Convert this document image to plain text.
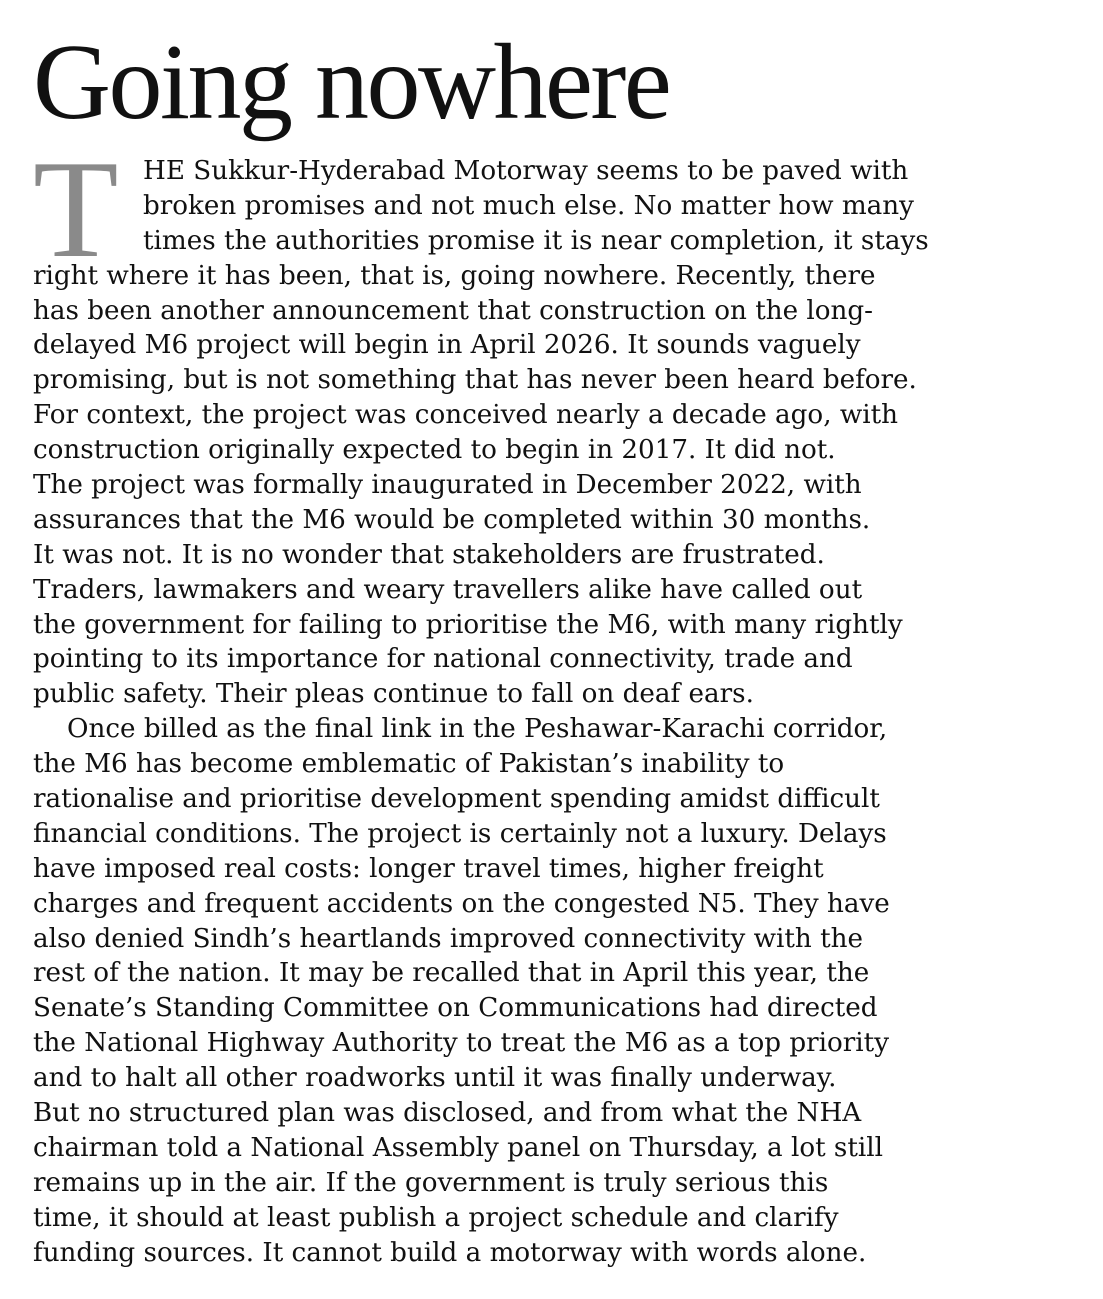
Going nowhere
T HE Sukkur-Hyderabad Motorway seems to be paved with
broken promises and not much else. No matter how many
times the authorities promise it is near completion, it stays
right where it has been, that is, going nowhere. Recently, there
has been another announcement that construction on the long-
delayed M6 project will begin in April 2026. It sounds vaguely
promising, but is not something that has never been heard before.
For context, the project was conceived nearly a decade ago, with
construction originally expected to begin in 2017. It did not.
The project was formally inaugurated in December 2022, with
assurances that the M6 would be completed within 30 months.
It was not. It is no wonder that stakeholders are frustrated.
Traders, lawmakers and weary travellers alike have called out
the government for failing to prioritise the M6, with many rightly
pointing to its importance for national connectivity, trade and
public safety. Their pleas continue to fall on deaf ears.
Once billed as the final link in the Peshawar-Karachi corridor,
the M6 has become emblematic of Pakistan’s inability to
rationalise and prioritise development spending amidst difficult
financial conditions. The project is certainly not a luxury. Delays
have imposed real costs: longer travel times, higher freight
charges and frequent accidents on the congested N5. They have
also denied Sindh’s heartlands improved connectivity with the
rest of the nation. It may be recalled that in April this year, the
Senate’s Standing Committee on Communications had directed
the National Highway Authority to treat the M6 as a top priority
and to halt all other roadworks until it was finally underway.
But no structured plan was disclosed, and from what the NHA
chairman told a National Assembly panel on Thursday, a lot still
remains up in the air. If the government is truly serious this
time, it should at least publish a project schedule and clarify
funding sources. It cannot build a motorway with words alone.
